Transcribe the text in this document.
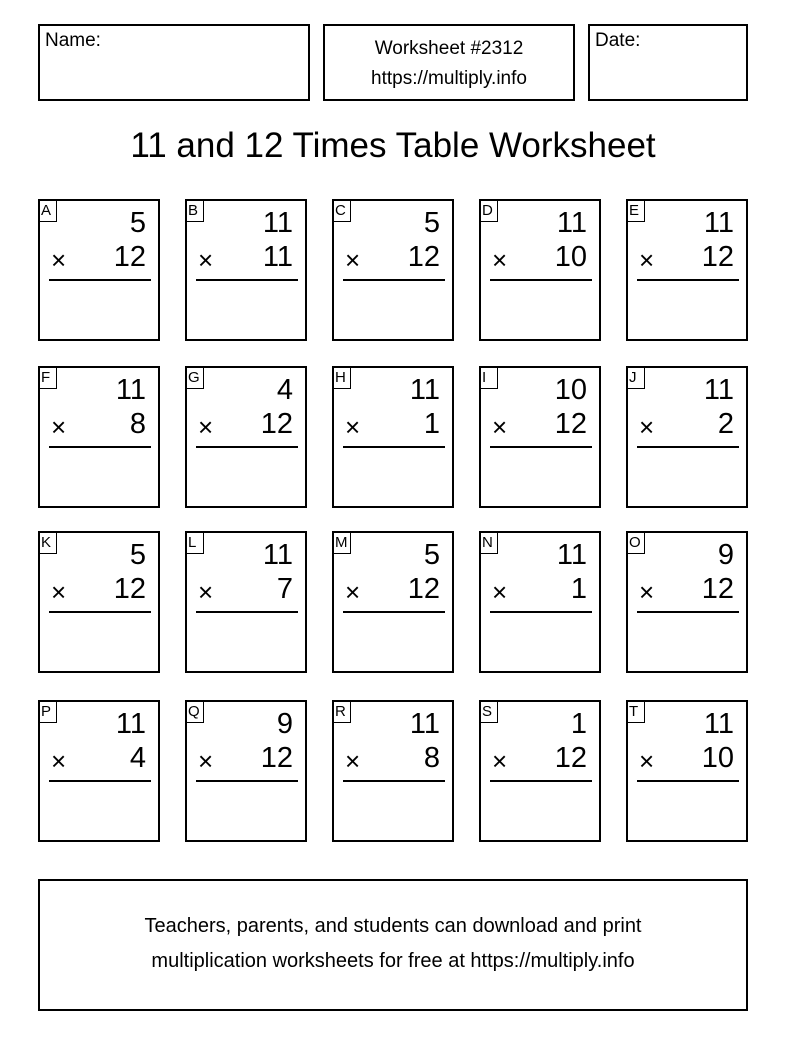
Name:	Worksheet #2312
https://multiply.info
Date:
11 and 12 Times Table Worksheet
A	5
× 12
B 11
× 11
C	5
× 12
D 11
× 10
E 11
× 12
F 11
× 8
G	4
× 12
H 11
× 1
I	10
× 12
J 11
× 2
K	5
× 12
L 11
× 7
M	5
× 12
N 11
× 1
O	9
× 12
P 11
× 4
Q	9
× 12
R 11
× 8
S	1
× 12
T 11
× 10
Teachers, parents, and students can download and print
multiplication worksheets for free at https://multiply.info
